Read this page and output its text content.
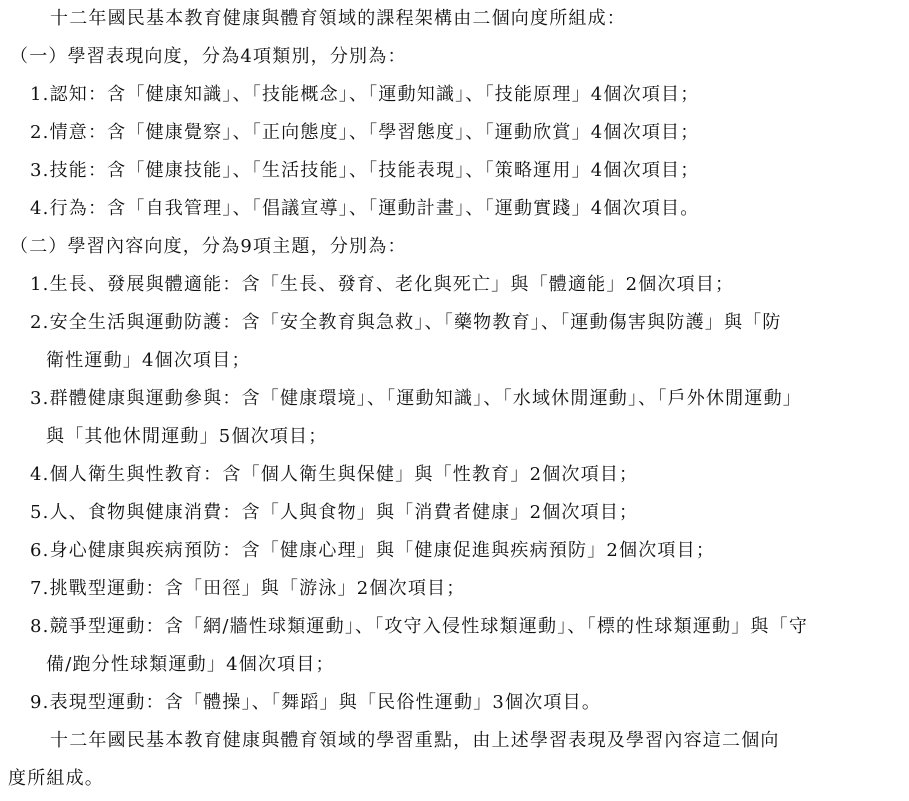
十二年國民基本教育健康與體育領域的課程架構由二個向度所組成：
（一）學習表現向度，分為4項類別，分別為：
1.認知：含「健康知識」、「技能概念」、「運動知識」、「技能原理」4個次項目；
2.情意：含「健康覺察」、「正向態度」、「學習態度」、「運動欣賞」4個次項目；
3.技能：含「健康技能」、「生活技能」、「技能表現」、「策略運用」4個次項目；
4.行為：含「自我管理」、「倡議宣導」、「運動計畫」、「運動實踐」4個次項目。
（二）學習內容向度，分為9項主題，分別為：
1.生長、發展與體適能：含「生長、發育、老化與死亡」與「體適能」2個次項目；
2.安全生活與運動防護：含「安全教育與急救」、「藥物教育」、「運動傷害與防護」與「防
衛性運動」4個次項目；
3.群體健康與運動參與：含「健康環境」、「運動知識」、「水域休閒運動」、「戶外休閒運動」
與「其他休閒運動」5個次項目；
4.個人衛生與性教育：含「個人衛生與保健」與「性教育」2個次項目；
5.人、食物與健康消費：含「人與食物」與「消費者健康」2個次項目；
6.身心健康與疾病預防：含「健康心理」與「健康促進與疾病預防」2個次項目；
7.挑戰型運動：含「田徑」與「游泳」2個次項目；
8.競爭型運動：含「網/牆性球類運動」、「攻守入侵性球類運動」、「標的性球類運動」與「守
備/跑分性球類運動」4個次項目；
9.表現型運動：含「體操」、「舞蹈」與「民俗性運動」3個次項目。
十二年國民基本教育健康與體育領域的學習重點，由上述學習表現及學習內容這二個向
度所組成。
